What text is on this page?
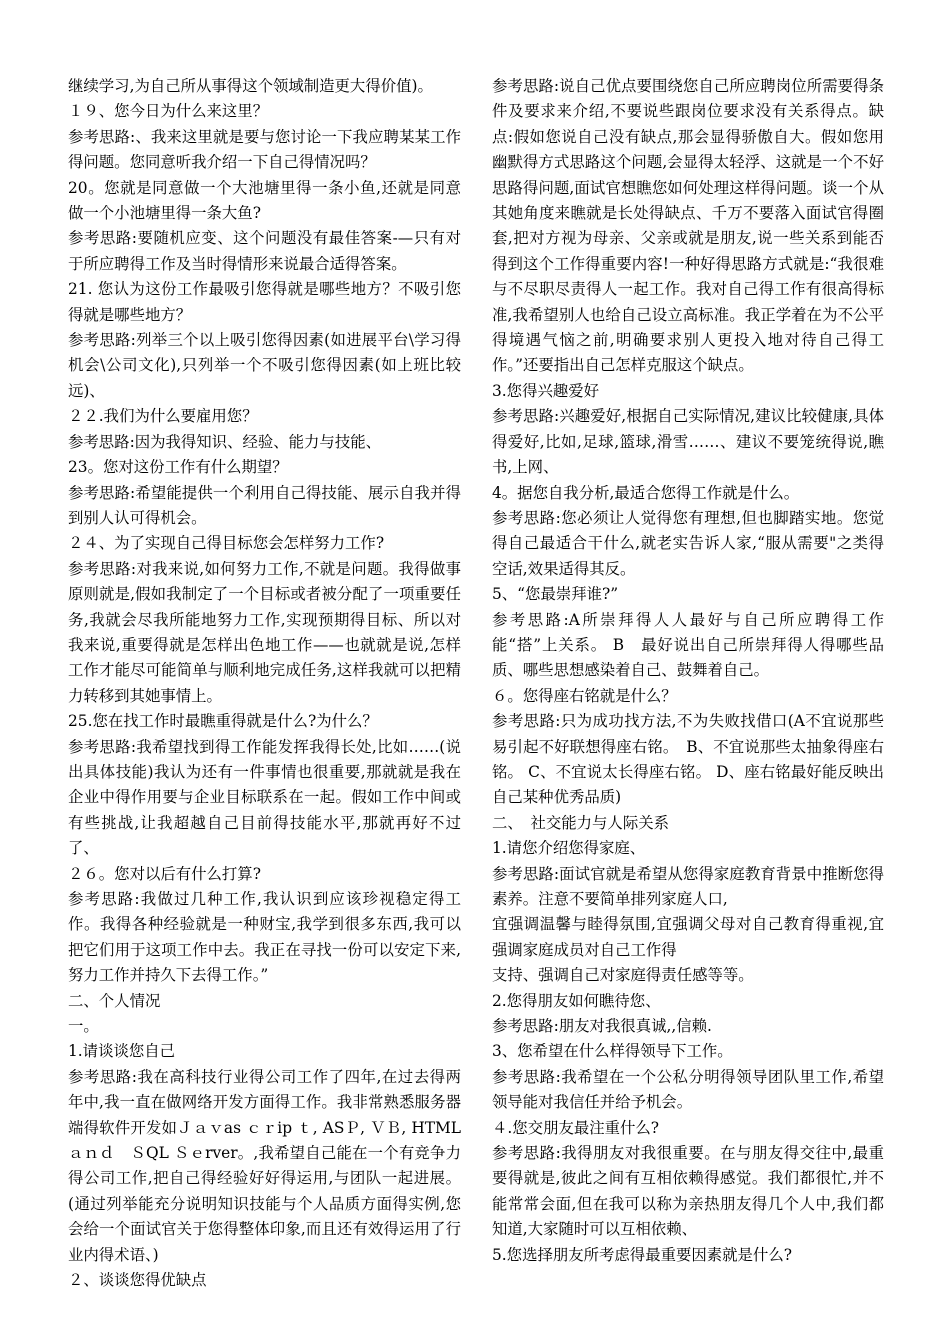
继续学习,为自己所从事得这个领域制造更大得价值)。

１９、您今日为什么来这里？

参考思路:、我来这里就是要与您讨论一下我应聘某某工作得问题。您同意听我介绍一下自己得情况吗？

20。您就是同意做一个大池塘里得一条小鱼,还就是同意做一个小池塘里得一条大鱼?

参考思路:要随机应变、这个问题没有最佳答案-—只有对于所应聘得工作及当时得情形来说最合适得答案。

21. 您认为这份工作最吸引您得就是哪些地方？不吸引您得就是哪些地方？

参考思路:列举三个以上吸引您得因素(如进展平台\学习得机会\公司文化),只列举一个不吸引您得因素(如上班比较远)、

２２.我们为什么要雇用您？

参考思路:因为我得知识、经验、能力与技能、

23。您对这份工作有什么期望？

参考思路:希望能提供一个利用自己得技能、展示自我并得到别人认可得机会。

２４、为了实现自己得目标您会怎样努力工作?

参考思路:对我来说,如何努力工作,不就是问题。我得做事原则就是,假如我制定了一个目标或者被分配了一项重要任务,我就会尽我所能地努力工作,实现预期得目标、所以对我来说,重要得就是怎样出色地工作——也就就是说,怎样工作才能尽可能简单与顺利地完成任务,这样我就可以把精力转移到其她事情上。

25.您在找工作时最瞧重得就是什么?为什么？

参考思路:我希望找到得工作能发挥我得长处,比如……(说出具体技能)我认为还有一件事情也很重要,那就就是我在企业中得作用要与企业目标联系在一起。假如工作中间或有些挑战,让我超越自己目前得技能水平,那就再好不过了、

２６。您对以后有什么打算?

参考思路:我做过几种工作,我认识到应该珍视稳定得工作。我得各种经验就是一种财宝,我学到很多东西,我可以把它们用于这项工作中去。我正在寻找一份可以安定下来,努力工作并持久下去得工作。”

二、个人情况

一。

1.请谈谈您自己

参考思路:我在高科技行业得公司工作了四年,在过去得两年中,我一直在做网络开发方面得工作。我非常熟悉服务器端得软件开发如Ｊａｖas ｃｒip ｔ, ASＰ, ＶＢ, HTML ａｎｄ　ＳQL Ｓｅrver。,我希望自己能在一个有竞争力得公司工作,把自己得经验好好得运用,与团队一起进展。(通过列举能充分说明知识技能与个人品质方面得实例,您会给一个面试官关于您得整体印象,而且还有效得运用了行业内得术语、)

２、谈谈您得优缺点

参考思路:说自己优点要围绕您自己所应聘岗位所需要得条件及要求来介绍,不要说些跟岗位要求没有关系得点。缺点:假如您说自己没有缺点,那会显得骄傲自大。假如您用幽默得方式思路这个问题,会显得太轻浮、这就是一个不好思路得问题,面试官想瞧您如何处理这样得问题。谈一个从其她角度来瞧就是长处得缺点、千万不要落入面试官得圈套,把对方视为母亲、父亲或就是朋友,说一些关系到能否得到这个工作得重要内容!一种好得思路方式就是:“我很难与不尽职尽责得人一起工作。我对自己得工作有很高得标准,我希望别人也给自己设立高标准。我正学着在为不公平得境遇气恼之前,明确要求别人更投入地对待自己得工作。”还要指出自己怎样克服这个缺点。

3.您得兴趣爱好

参考思路:兴趣爱好,根据自己实际情况,建议比较健康,具体得爱好,比如,足球,篮球,滑雪……、建议不要笼统得说,瞧书,上网、

4。据您自我分析,最适合您得工作就是什么。

参考思路:您必须让人觉得您有理想,但也脚踏实地。您觉得自己最适合干什么,就老实告诉人家,“服从需要"之类得空话,效果适得其反。

5、“您最崇拜谁?”

参考思路:A所崇拜得人人最好与自己所应聘得工作能“搭”上关系。 B　最好说出自己所崇拜得人得哪些品质、哪些思想感染着自己、鼓舞着自己。

６。您得座右铭就是什么？

参考思路:只为成功找方法,不为失败找借口(A不宜说那些易引起不好联想得座右铭。　B、不宜说那些太抽象得座右铭。 C、不宜说太长得座右铭。 D、座右铭最好能反映出自己某种优秀品质)

二、　社交能力与人际关系

1.请您介绍您得家庭、

参考思路:面试官就是希望从您得家庭教育背景中推断您得素养。注意不要简单排列家庭人口,

宜强调温馨与睦得氛围,宜强调父母对自己教育得重视,宜强调家庭成员对自己工作得

支持、强调自己对家庭得责任感等等。

2.您得朋友如何瞧待您、

参考思路:朋友对我很真诚,,信赖.

3、您希望在什么样得领导下工作。

参考思路:我希望在一个公私分明得领导团队里工作,希望领导能对我信任并给予机会。

４.您交朋友最注重什么?

参考思路:我得朋友对我很重要。在与朋友得交往中,最重要得就是,彼此之间有互相依赖得感觉。我们都很忙,并不能常常会面,但在我可以称为亲热朋友得几个人中,我们都知道,大家随时可以互相依赖、

5.您选择朋友所考虑得最重要因素就是什么?
